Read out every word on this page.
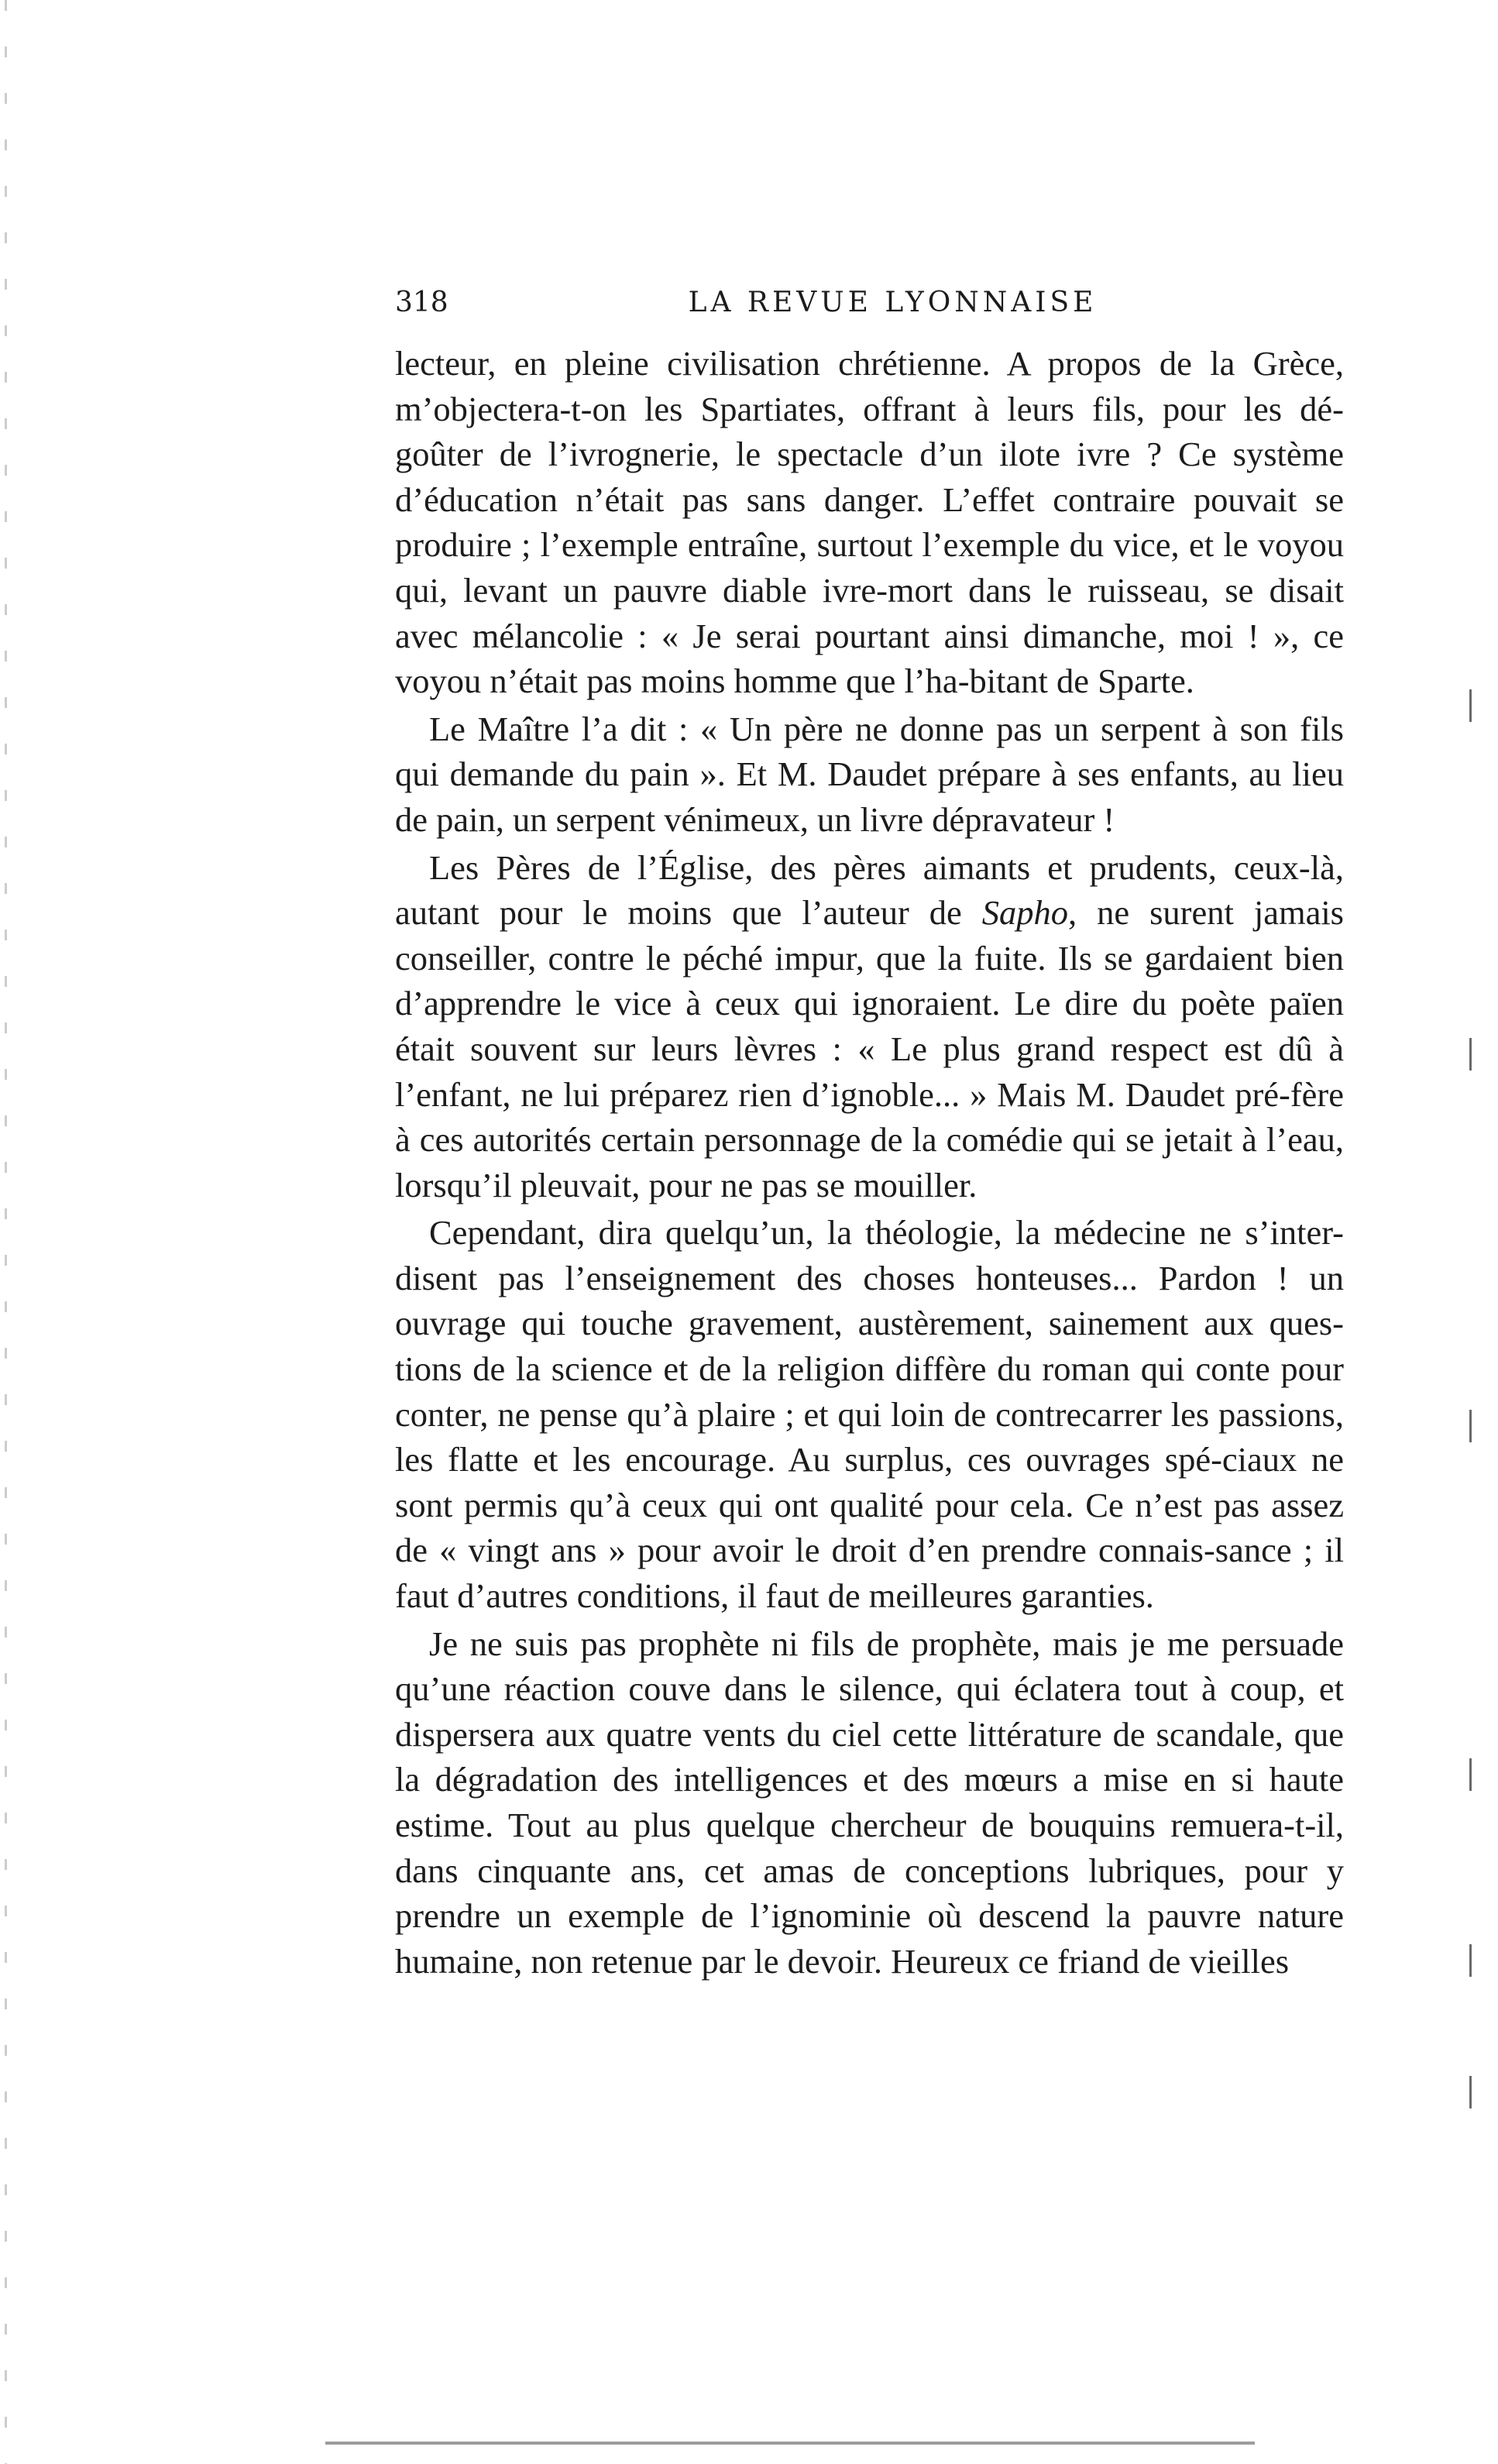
318	LA REVUE LYONNAISE

lecteur, en pleine civilisation chrétienne. A propos de la Grèce, m’objectera-t-on les Spartiates, offrant à leurs fils, pour les dé-goûter de l’ivrognerie, le spectacle d’un ilote ivre ? Ce système d’éducation n’était pas sans danger. L’effet contraire pouvait se produire ; l’exemple entraîne, surtout l’exemple du vice, et le voyou qui, levant un pauvre diable ivre-mort dans le ruisseau, se disait avec mélancolie : « Je serai pourtant ainsi dimanche, moi ! », ce voyou n’était pas moins homme que l’ha-bitant de Sparte.

Le Maître l’a dit : « Un père ne donne pas un serpent à son fils qui demande du pain ». Et M. Daudet prépare à ses enfants, au lieu de pain, un serpent vénimeux, un livre dépravateur !

Les Pères de l’Église, des pères aimants et prudents, ceux-là, autant pour le moins que l’auteur de Sapho, ne surent jamais conseiller, contre le péché impur, que la fuite. Ils se gardaient bien d’apprendre le vice à ceux qui ignoraient. Le dire du poète païen était souvent sur leurs lèvres : « Le plus grand respect est dû à l’enfant, ne lui préparez rien d’ignoble... » Mais M. Daudet pré-fère à ces autorités certain personnage de la comédie qui se jetait à l’eau, lorsqu’il pleuvait, pour ne pas se mouiller.

Cependant, dira quelqu’un, la théologie, la médecine ne s’inter-disent pas l’enseignement des choses honteuses... Pardon ! un ouvrage qui touche gravement, austèrement, sainement aux ques-tions de la science et de la religion diffère du roman qui conte pour conter, ne pense qu’à plaire ; et qui loin de contrecarrer les passions, les flatte et les encourage. Au surplus, ces ouvrages spé-ciaux ne sont permis qu’à ceux qui ont qualité pour cela. Ce n’est pas assez de « vingt ans » pour avoir le droit d’en prendre connais-sance ; il faut d’autres conditions, il faut de meilleures garanties.

Je ne suis pas prophète ni fils de prophète, mais je me persuade qu’une réaction couve dans le silence, qui éclatera tout à coup, et dispersera aux quatre vents du ciel cette littérature de scandale, que la dégradation des intelligences et des mœurs a mise en si haute estime. Tout au plus quelque chercheur de bouquins remuera-t-il, dans cinquante ans, cet amas de conceptions lubriques, pour y prendre un exemple de l’ignominie où descend la pauvre nature humaine, non retenue par le devoir. Heureux ce friand de vieilles
